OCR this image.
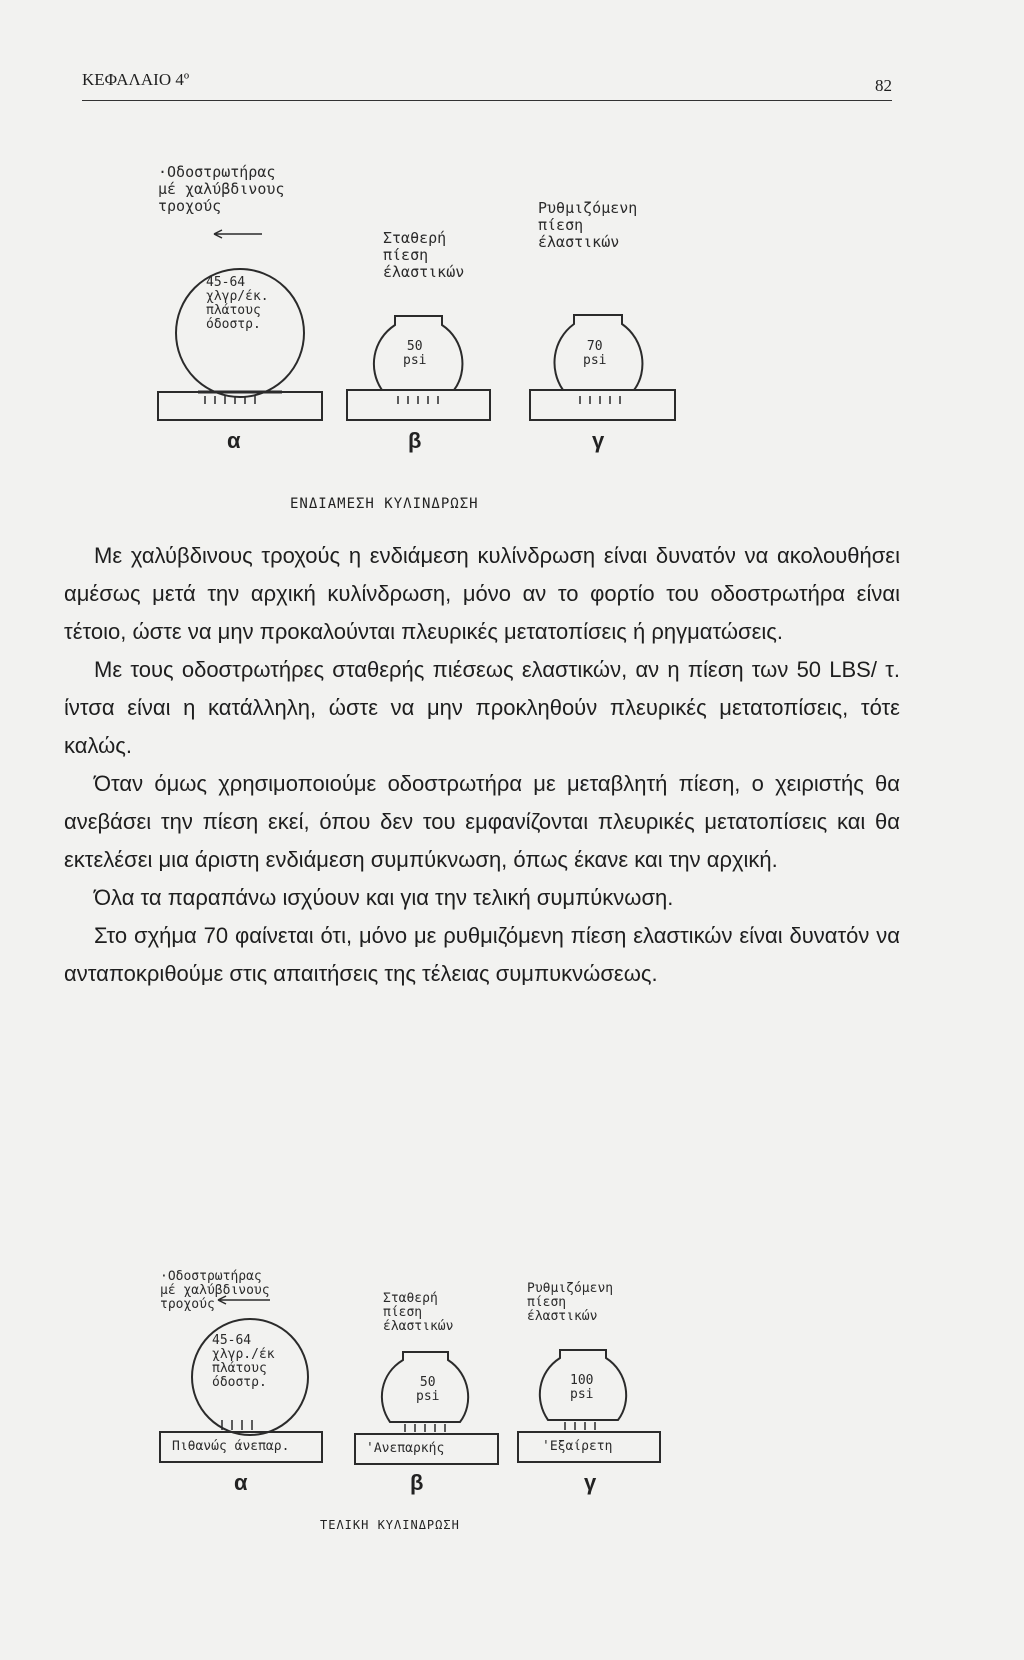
ΚΕΦΑΛΑΙΟ 4º	82
·Οδοστρωτήρας
μέ χαλύβδινους
τροχούς
45-64
χλγρ/έκ.
πλάτους
όδοστρ.
Σταθερή
πίεση
έλαστικών
50
psi
Ρυθμιζόμενη
πίεση
έλαστικών
70
psi
α	β	γ
ΕΝΔΙΑΜΕΣΗ ΚΥΛΙΝΔΡΩΣΗ

Με χαλύβδινους τροχούς η ενδιάμεση κυλίνδρωση είναι δυνατόν να ακολουθήσει αμέσως μετά την αρχική κυλίνδρωση, μόνο αν το φορτίο του οδοστρωτήρα είναι τέτοιο, ώστε να μην προκαλούνται πλευρικές μετατοπίσεις ή ρηγματώσεις.

Με τους οδοστρωτήρες σταθερής πιέσεως ελαστικών, αν η πίεση των 50 LBS/ τ. ίντσα είναι η κατάλληλη, ώστε να μην προκληθούν πλευρικές μετατοπίσεις, τότε καλώς.

Όταν όμως χρησιμοποιούμε οδοστρωτήρα με μεταβλητή πίεση, ο χειριστής θα ανεβάσει την πίεση εκεί, όπου δεν του εμφανίζονται πλευρικές μετατοπίσεις και θα εκτελέσει μια άριστη ενδιάμεση συμπύκνωση, όπως έκανε και την αρχική.

Όλα τα παραπάνω ισχύουν και για την τελική συμπύκνωση.

Στο σχήμα 70 φαίνεται ότι, μόνο με ρυθμιζόμενη πίεση ελαστικών είναι δυνατόν να ανταποκριθούμε στις απαιτήσεις της τέλειας συμπυκνώσεως.

·Οδοστρωτήρας
μέ χαλύβδινους
τροχούς
45-64
χλγρ./έκ
πλάτους
όδοστρ.
Πιθανώς άνεπαρ.
Σταθερή
πίεση
έλαστικών
50
psi
'Ανεπαρκής
Ρυθμιζόμενη
πίεση
έλαστικών
100
psi
'Εξαίρετη
α	β	γ
ΤΕΛΙΚΗ ΚΥΛΙΝΔΡΩΣΗ
